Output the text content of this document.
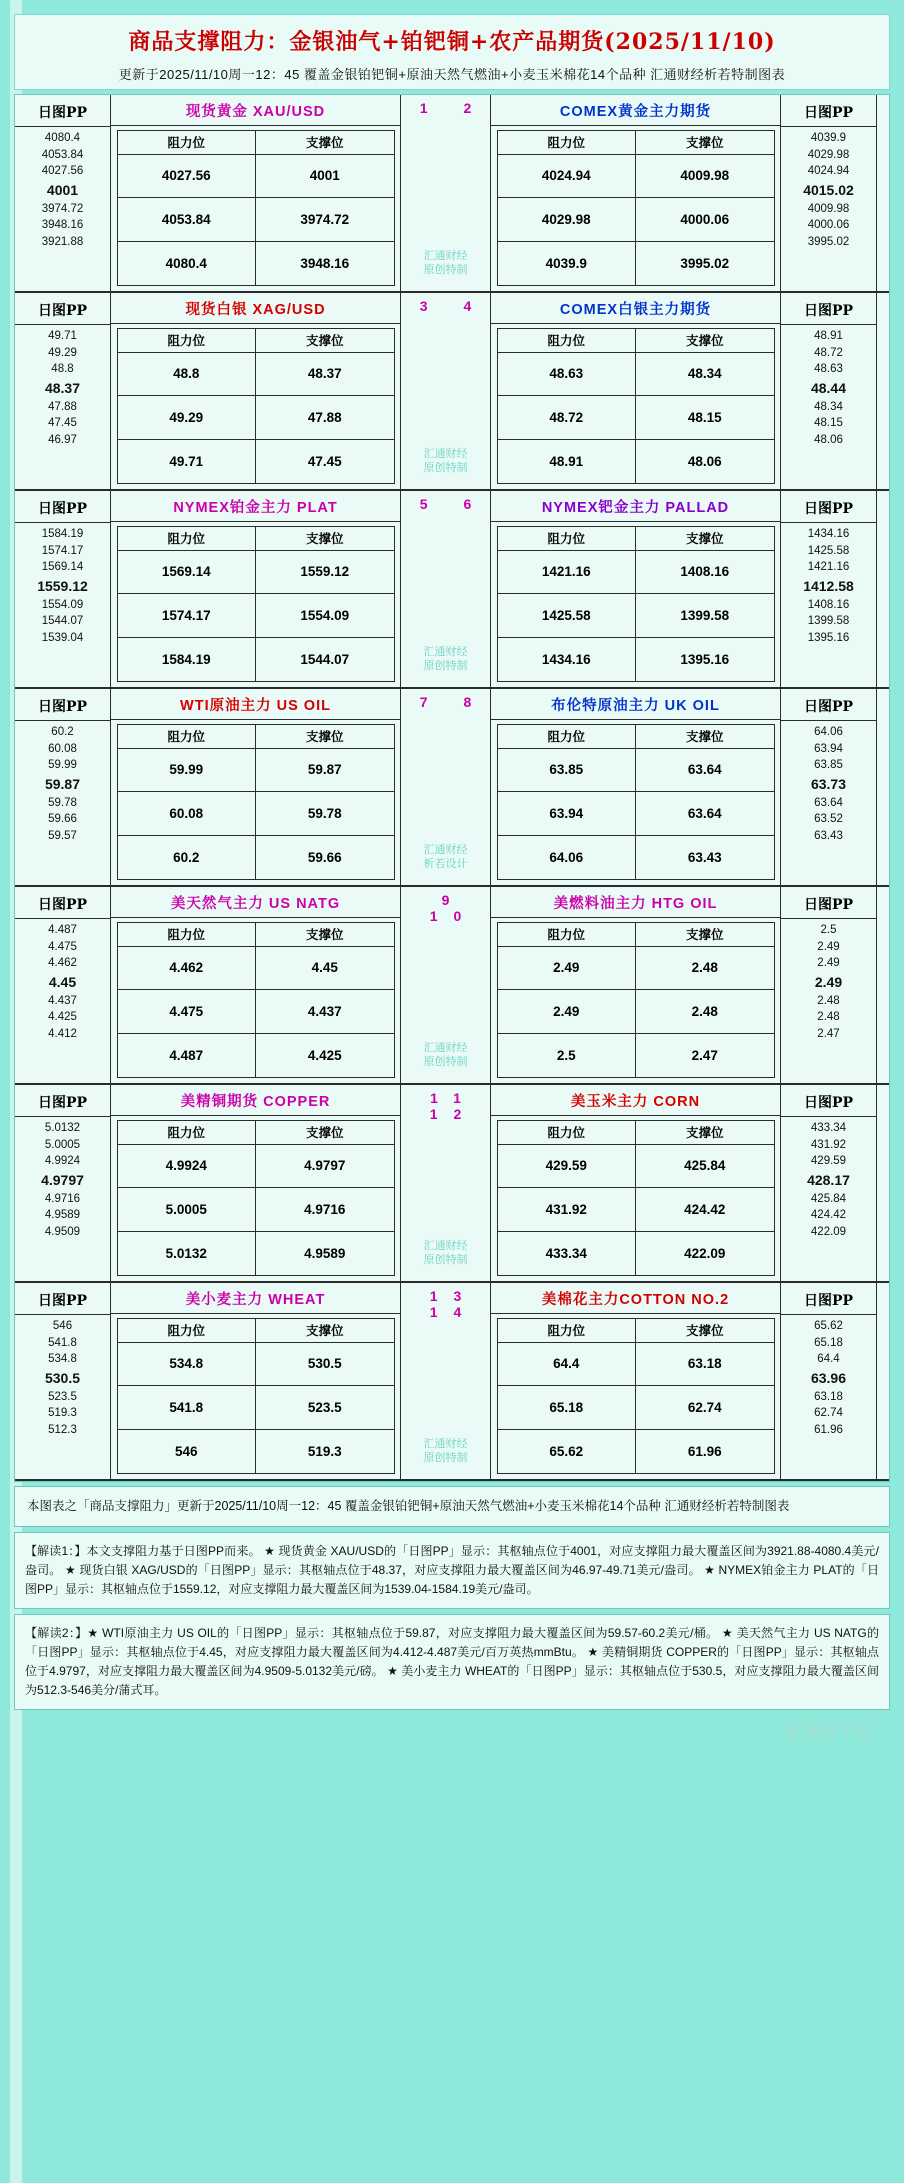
商品支撑阻力：金银油气+铂钯铜+农产品期货(2025/11/10)
更新于2025/11/10周一12：45 覆盖金银铂钯铜+原油天然气燃油+小麦玉米棉花14个品种 汇通财经析若特制图表
日图PP
4080.4
4053.84
4027.56
4001
3974.72
3948.16
3921.88
现货黄金 XAU/USD
阻力位	支撑位
4027.56	4001
4053.84	3974.72
4080.4	3948.16
1 2
汇通财经
原创特制
COMEX黄金主力期货
阻力位	支撑位
4024.94	4009.98
4029.98	4000.06
4039.9	3995.02
日图PP
4039.9
4029.98
4024.94
4015.02
4009.98
4000.06
3995.02
日图PP
49.71
49.29
48.8
48.37
47.88
47.45
46.97
现货白银 XAG/USD
阻力位	支撑位
48.8	48.37
49.29	47.88
49.71	47.45
3 4
汇通财经
原创特制
COMEX白银主力期货
阻力位	支撑位
48.63	48.34
48.72	48.15
48.91	48.06
日图PP
48.91
48.72
48.63
48.44
48.34
48.15
48.06
日图PP
1584.19
1574.17
1569.14
1559.12
1554.09
1544.07
1539.04
NYMEX铂金主力 PLAT
阻力位	支撑位
1569.14	1559.12
1574.17	1554.09
1584.19	1544.07
5 6
汇通财经
原创特制
NYMEX钯金主力 PALLAD
阻力位	支撑位
1421.16	1408.16
1425.58	1399.58
1434.16	1395.16
日图PP
1434.16
1425.58
1421.16
1412.58
1408.16
1399.58
1395.16
日图PP
60.2
60.08
59.99
59.87
59.78
59.66
59.57
WTI原油主力 US OIL
阻力位	支撑位
59.99	59.87
60.08	59.78
60.2	59.66
7 8
汇通财经
析若设计
布伦特原油主力 UK OIL
阻力位	支撑位
63.85	63.64
63.94	63.64
64.06	63.43
日图PP
64.06
63.94
63.85
63.73
63.64
63.52
63.43
日图PP
4.487
4.475
4.462
4.45
4.437
4.425
4.412
美天然气主力 US NATG
阻力位	支撑位
4.462	4.45
4.475	4.437
4.487	4.425
9 10
汇通财经
原创特制
美燃料油主力 HTG OIL
阻力位	支撑位
2.49	2.48
2.49	2.48
2.5	2.47
日图PP
2.5
2.49
2.49
2.49
2.48
2.48
2.47
日图PP
5.0132
5.0005
4.9924
4.9797
4.9716
4.9589
4.9509
美精铜期货 COPPER
阻力位	支撑位
4.9924	4.9797
5.0005	4.9716
5.0132	4.9589
11 12
汇通财经
原创特制
美玉米主力 CORN
阻力位	支撑位
429.59	425.84
431.92	424.42
433.34	422.09
日图PP
433.34
431.92
429.59
428.17
425.84
424.42
422.09
日图PP
546
541.8
534.8
530.5
523.5
519.3
512.3
美小麦主力 WHEAT
阻力位	支撑位
534.8	530.5
541.8	523.5
546	519.3
13 14
汇通财经
原创特制
美棉花主力COTTON NO.2
阻力位	支撑位
64.4	63.18
65.18	62.74
65.62	61.96
日图PP
65.62
65.18
64.4
63.96
63.18
62.74
61.96
本图表之「商品支撑阻力」更新于2025/11/10周一12：45 覆盖金银铂钯铜+原油天然气燃油+小麦玉米棉花14个品种 汇通财经析若特制图表
【解读1：】本文支撑阻力基于日图PP而来。 ★ 现货黄金 XAU/USD的「日图PP」显示：其枢轴点位于4001，对应支撑阻力最大覆盖区间为3921.88-4080.4美元/盎司。 ★ 现货白银 XAG/USD的「日图PP」显示：其枢轴点位于48.37，对应支撑阻力最大覆盖区间为46.97-49.71美元/盎司。 ★ NYMEX铂金主力 PLAT的「日图PP」显示：其枢轴点位于1559.12，对应支撑阻力最大覆盖区间为1539.04-1584.19美元/盎司。
【解读2：】★ WTI原油主力 US OIL的「日图PP」显示：其枢轴点位于59.87，对应支撑阻力最大覆盖区间为59.57-60.2美元/桶。 ★ 美天然气主力 US NATG的「日图PP」显示：其枢轴点位于4.45，对应支撑阻力最大覆盖区间为4.412-4.487美元/百万英热mmBtu。 ★ 美精铜期货 COPPER的「日图PP」显示：其枢轴点位于4.9797，对应支撑阻力最大覆盖区间为4.9509-5.0132美元/磅。 ★ 美小麦主力 WHEAT的「日图PP」显示：其枢轴点位于530.5，对应支撑阻力最大覆盖区间为512.3-546美分/蒲式耳。
FX678
